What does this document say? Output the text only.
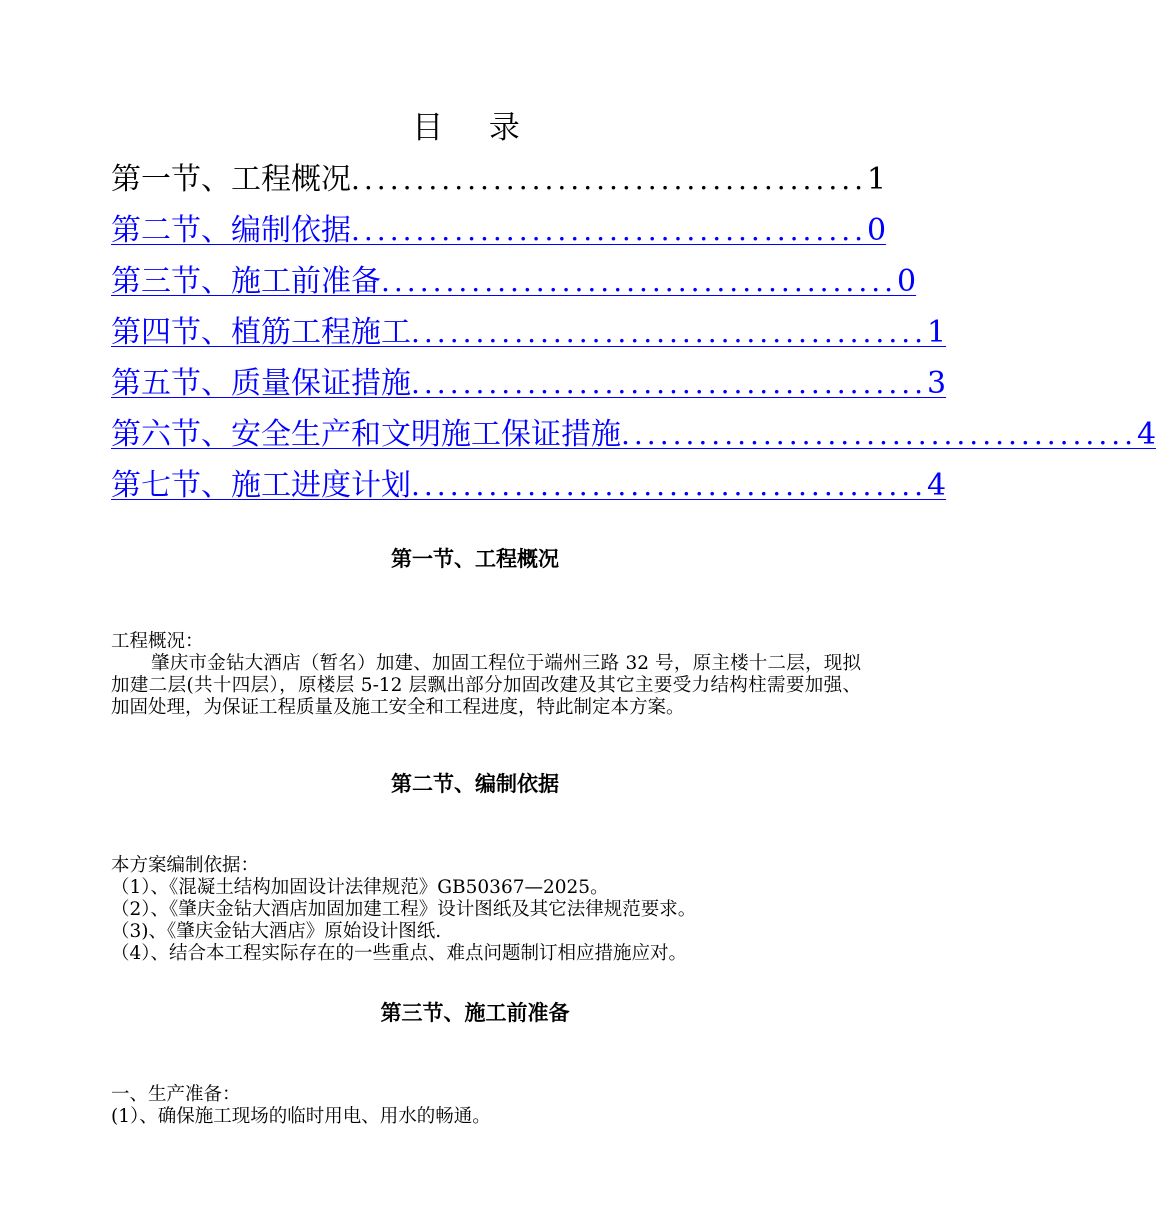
目 录
第一节、工程概况 ........................................ 1
第二节、编制依据 ........................................ 0
第三节、施工前准备 ........................................ 0
第四节、植筋工程施工 ........................................ 1
第五节、质量保证措施 ........................................ 3
第六节、安全生产和文明施工保证措施 ........................................ 4
第七节、施工进度计划 ........................................ 4
第一节、工程概况
工程概况：
肇庆市金钻大酒店（暂名）加建、加固工程位于端州三路 32 号，原主楼十二层，现拟加建二层(共十四层），原楼层 5-12 层飘出部分加固改建及其它主要受力结构柱需要加强、加固处理，为保证工程质量及施工安全和工程进度，特此制定本方案。
第二节、编制依据
本方案编制依据：
（1）、《混凝土结构加固设计法律规范》GB50367—2025。
（2）、《肇庆金钻大酒店加固加建工程》设计图纸及其它法律规范要求。
（3)、《肇庆金钻大酒店》原始设计图纸.
（4）、结合本工程实际存在的一些重点、难点问题制订相应措施应对。
第三节、施工前准备
一、生产准备：
(1）、确保施工现场的临时用电、用水的畅通。
